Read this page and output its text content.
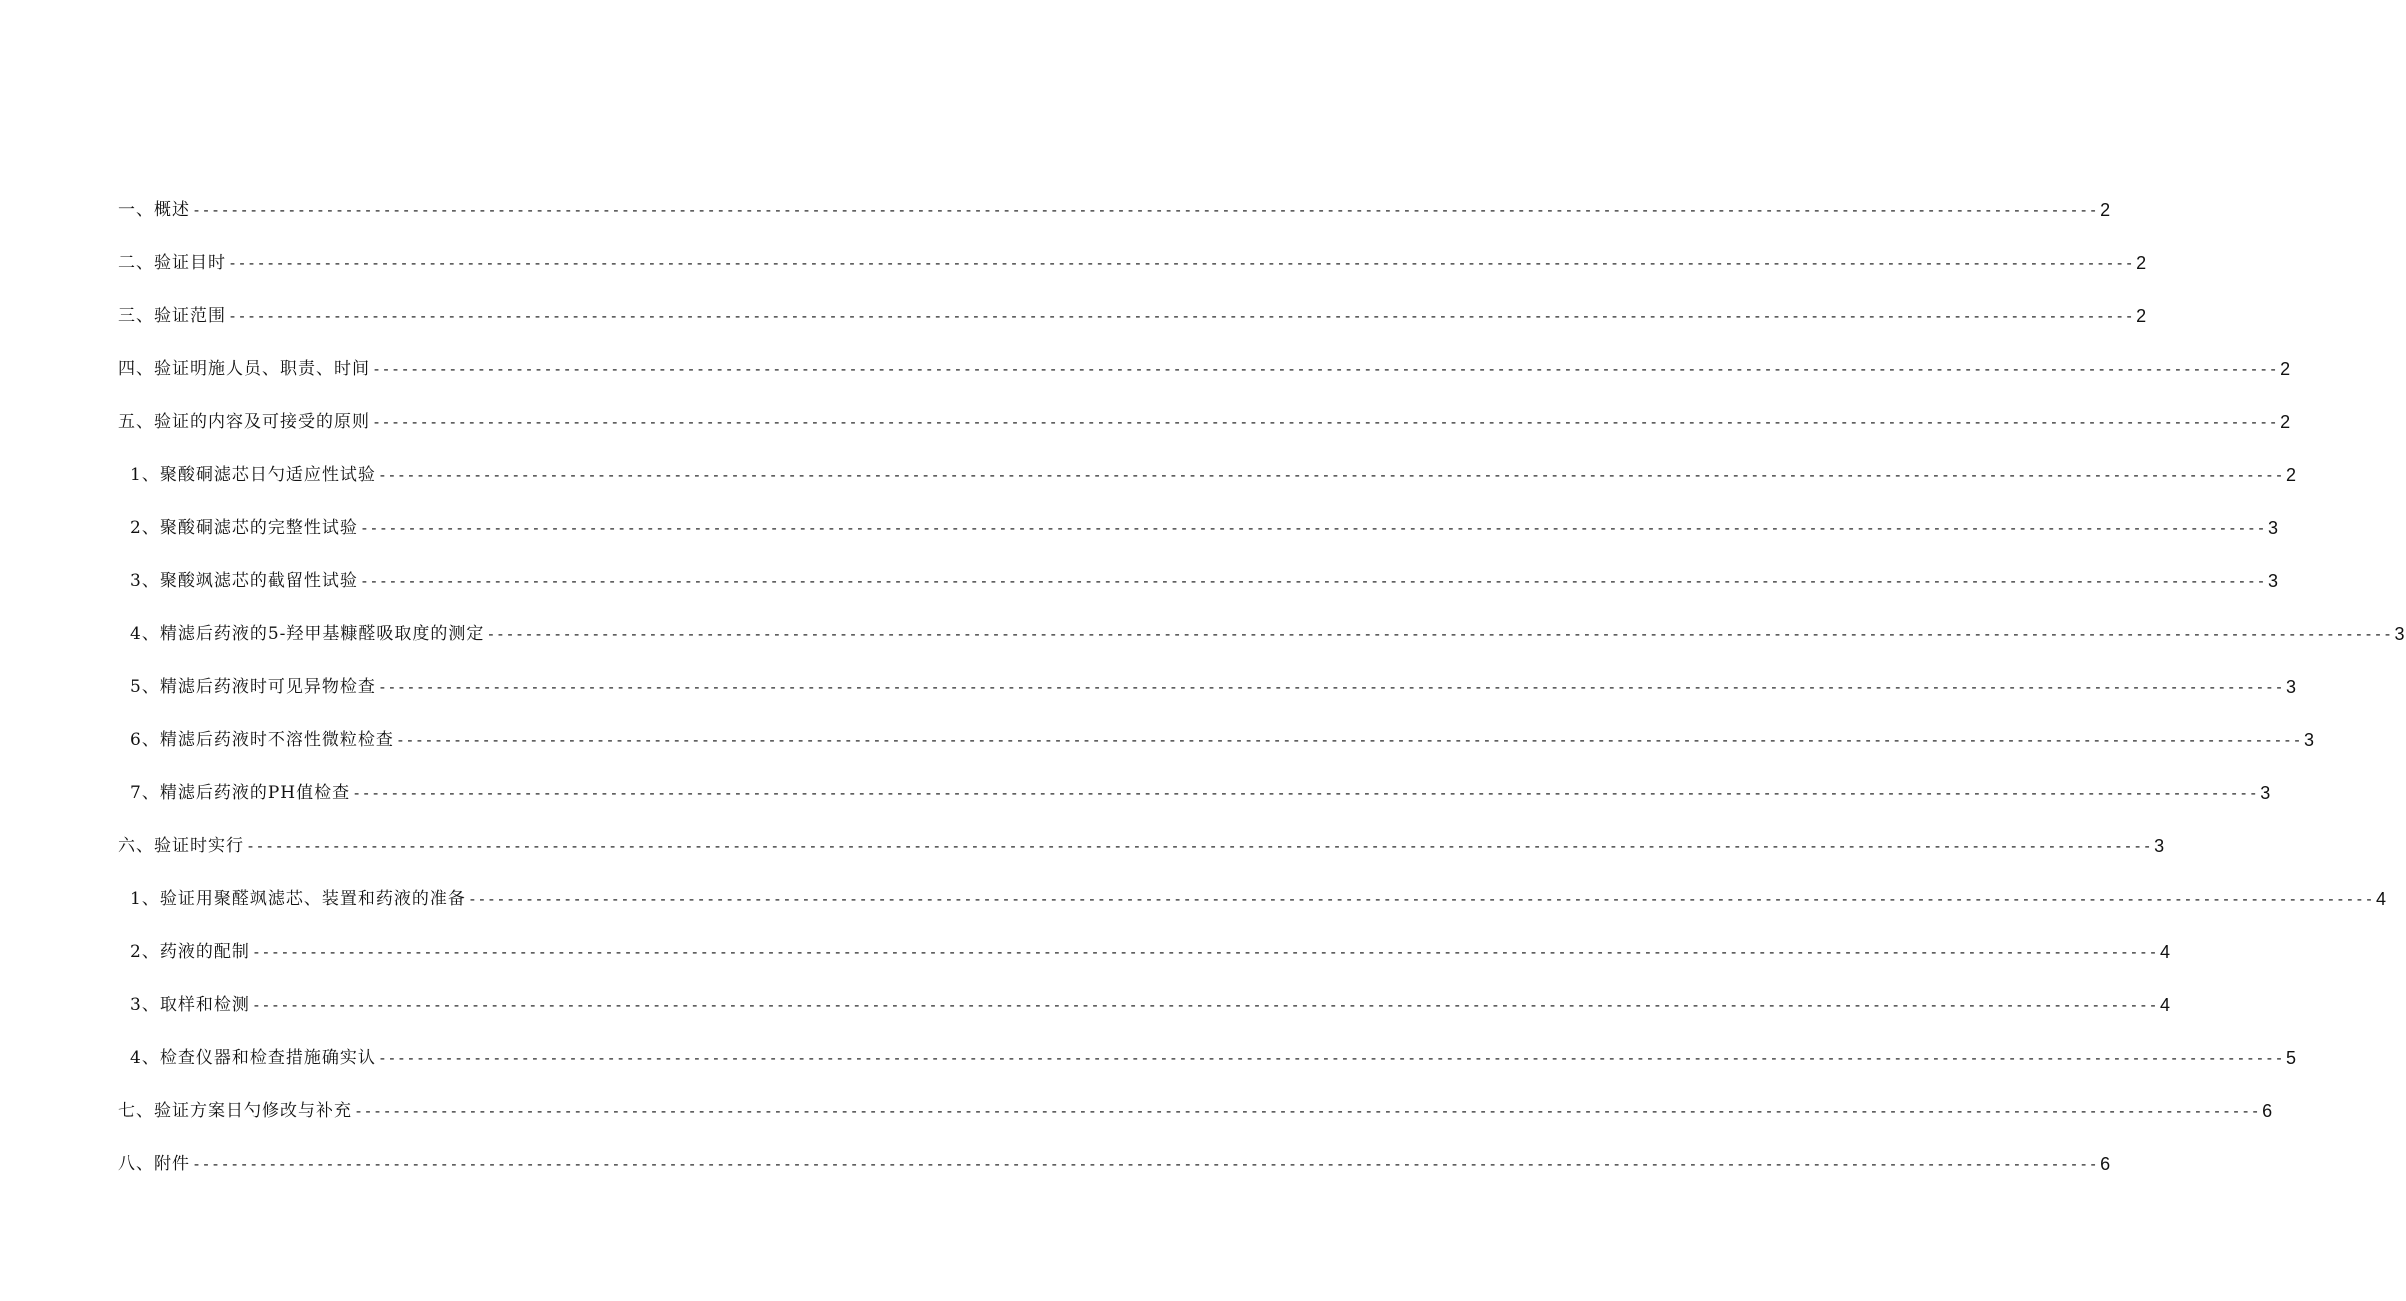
一、概述 -------------------------------------------------------------------------------------------------------------------------------------------------------------------------------------------------------- 2
二、验证目时 -------------------------------------------------------------------------------------------------------------------------------------------------------------------------------------------------------- 2
三、验证范围 -------------------------------------------------------------------------------------------------------------------------------------------------------------------------------------------------------- 2
四、验证明施人员、职责、时间 -------------------------------------------------------------------------------------------------------------------------------------------------------------------------------------------------------- 2
五、验证的内容及可接受的原则 -------------------------------------------------------------------------------------------------------------------------------------------------------------------------------------------------------- 2
1、聚酸硐滤芯日勺适应性试验 -------------------------------------------------------------------------------------------------------------------------------------------------------------------------------------------------------- 2
2、聚酸硐滤芯的完整性试验 -------------------------------------------------------------------------------------------------------------------------------------------------------------------------------------------------------- 3
3、聚酸飒滤芯的截留性试验 -------------------------------------------------------------------------------------------------------------------------------------------------------------------------------------------------------- 3
4、精滤后药液的5-羟甲基糠醛吸取度的测定 -------------------------------------------------------------------------------------------------------------------------------------------------------------------------------------------------------- 3
5、精滤后药液时可见异物检查 -------------------------------------------------------------------------------------------------------------------------------------------------------------------------------------------------------- 3
6、精滤后药液时不溶性微粒检查 -------------------------------------------------------------------------------------------------------------------------------------------------------------------------------------------------------- 3
7、精滤后药液的PH值检查 -------------------------------------------------------------------------------------------------------------------------------------------------------------------------------------------------------- 3
六、验证时实行 -------------------------------------------------------------------------------------------------------------------------------------------------------------------------------------------------------- 3
1、验证用聚醛飒滤芯、装置和药液的准备 -------------------------------------------------------------------------------------------------------------------------------------------------------------------------------------------------------- 4
2、药液的配制 -------------------------------------------------------------------------------------------------------------------------------------------------------------------------------------------------------- 4
3、取样和检测 -------------------------------------------------------------------------------------------------------------------------------------------------------------------------------------------------------- 4
4、检查仪器和检查措施确实认 -------------------------------------------------------------------------------------------------------------------------------------------------------------------------------------------------------- 5
七、验证方案日勺修改与补充 -------------------------------------------------------------------------------------------------------------------------------------------------------------------------------------------------------- 6
八、附件 -------------------------------------------------------------------------------------------------------------------------------------------------------------------------------------------------------- 6
